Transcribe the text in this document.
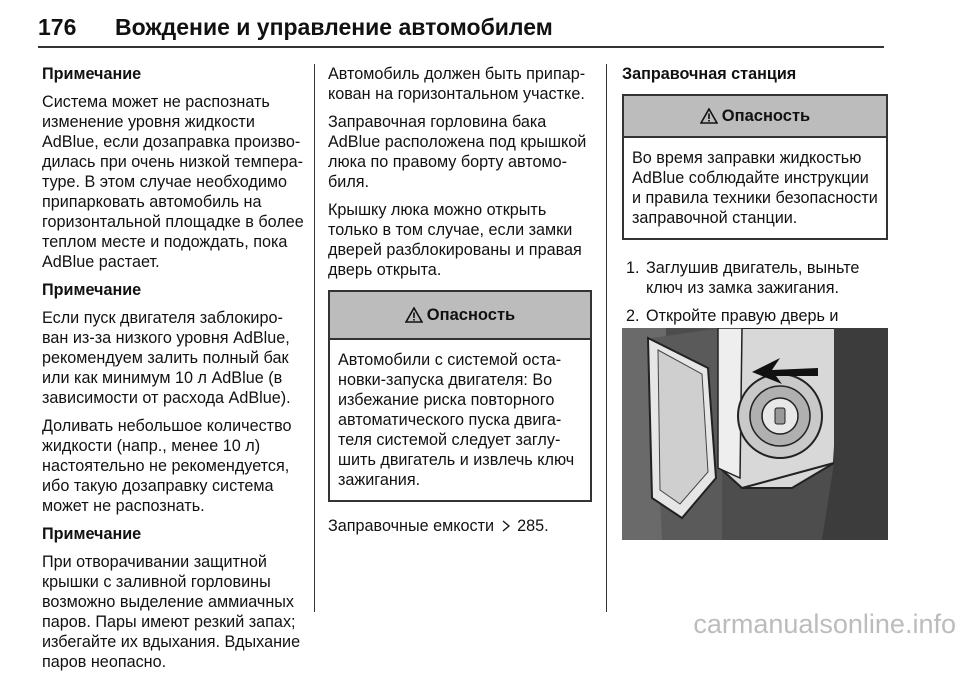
176 Вождение и управление автомобилем

Примечание

Система может не распознать изменение уровня жидкости AdBlue, если дозаправка произво-дилась при очень низкой темпера-туре. В этом случае необходимо припарковать автомобиль на горизонтальной площадке в более теплом месте и подождать, пока AdBlue растает.

Примечание

Если пуск двигателя заблокиро-ван из-за низкого уровня AdBlue, рекомендуем залить полный бак или как минимум 10 л AdBlue (в зависимости от расхода AdBlue).

Доливать небольшое количество жидкости (напр., менее 10 л) настоятельно не рекомендуется, ибо такую дозаправку система может не распознать.

Примечание

При отворачивании защитной крышки с заливной горловины возможно выделение аммиачных паров. Пары имеют резкий запах; избегайте их вдыхания. Вдыхание паров неопасно.

Автомобиль должен быть припар-кован на горизонтальном участке.

Заправочная горловина бака AdBlue расположена под крышкой люка по правому борту автомо-биля.

Крышку люка можно открыть только в том случае, если замки дверей разблокированы и правая дверь открыта.

Опасность
Автомобили с системой оста-новки-запуска двигателя: Во избежание риска повторного автоматического пуска двига-теля системой следует заглу-шить двигатель и извлечь ключ зажигания.

Заправочные емкости 285.

Заправочная станция

Опасность
Во время заправки жидкостью AdBlue соблюдайте инструкции и правила техники безопасности заправочной станции.
1. Заглушив двигатель, выньте ключ из замка зажигания.
2. Откройте правую дверь и
carmanualsonline.info
